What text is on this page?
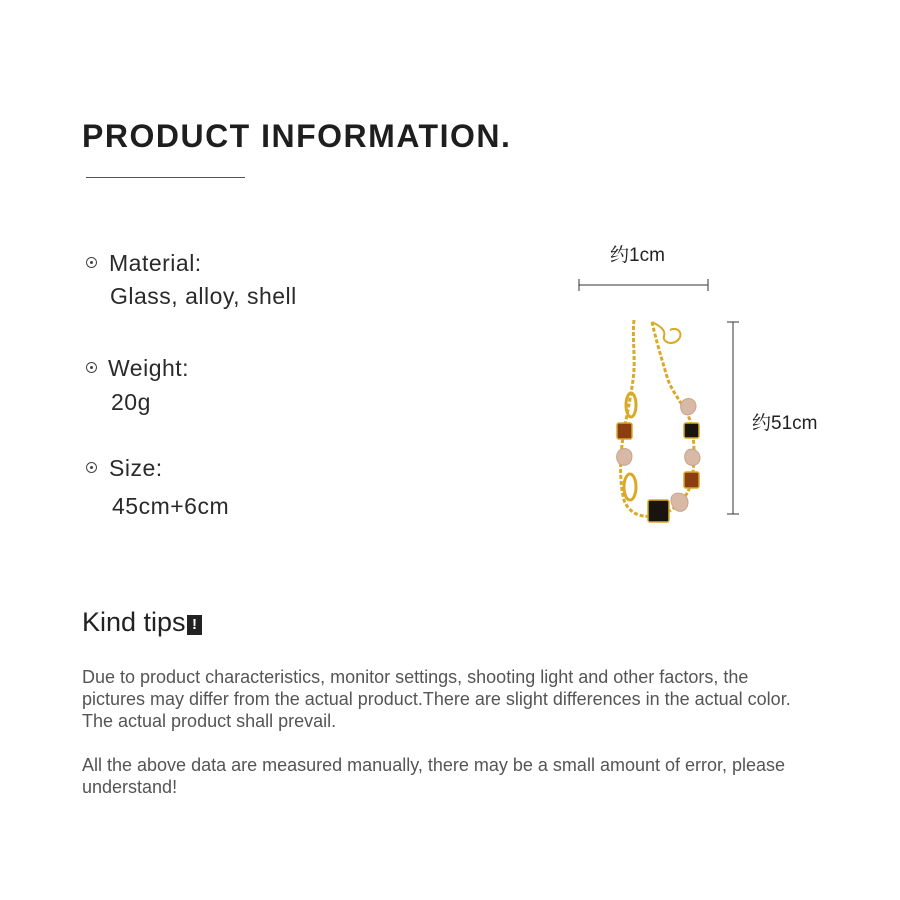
PRODUCT INFORMATION.
Material:
Glass, alloy, shell
Weight:
20g
Size:
45cm+6cm
约1cm
约51cm
Kind tips !
Due to product characteristics, monitor settings, shooting light and other factors, the pictures may differ from the actual product.There are slight differences in the actual color. The actual product shall prevail.
All the above data are measured manually, there may be a small amount of error, please understand!
